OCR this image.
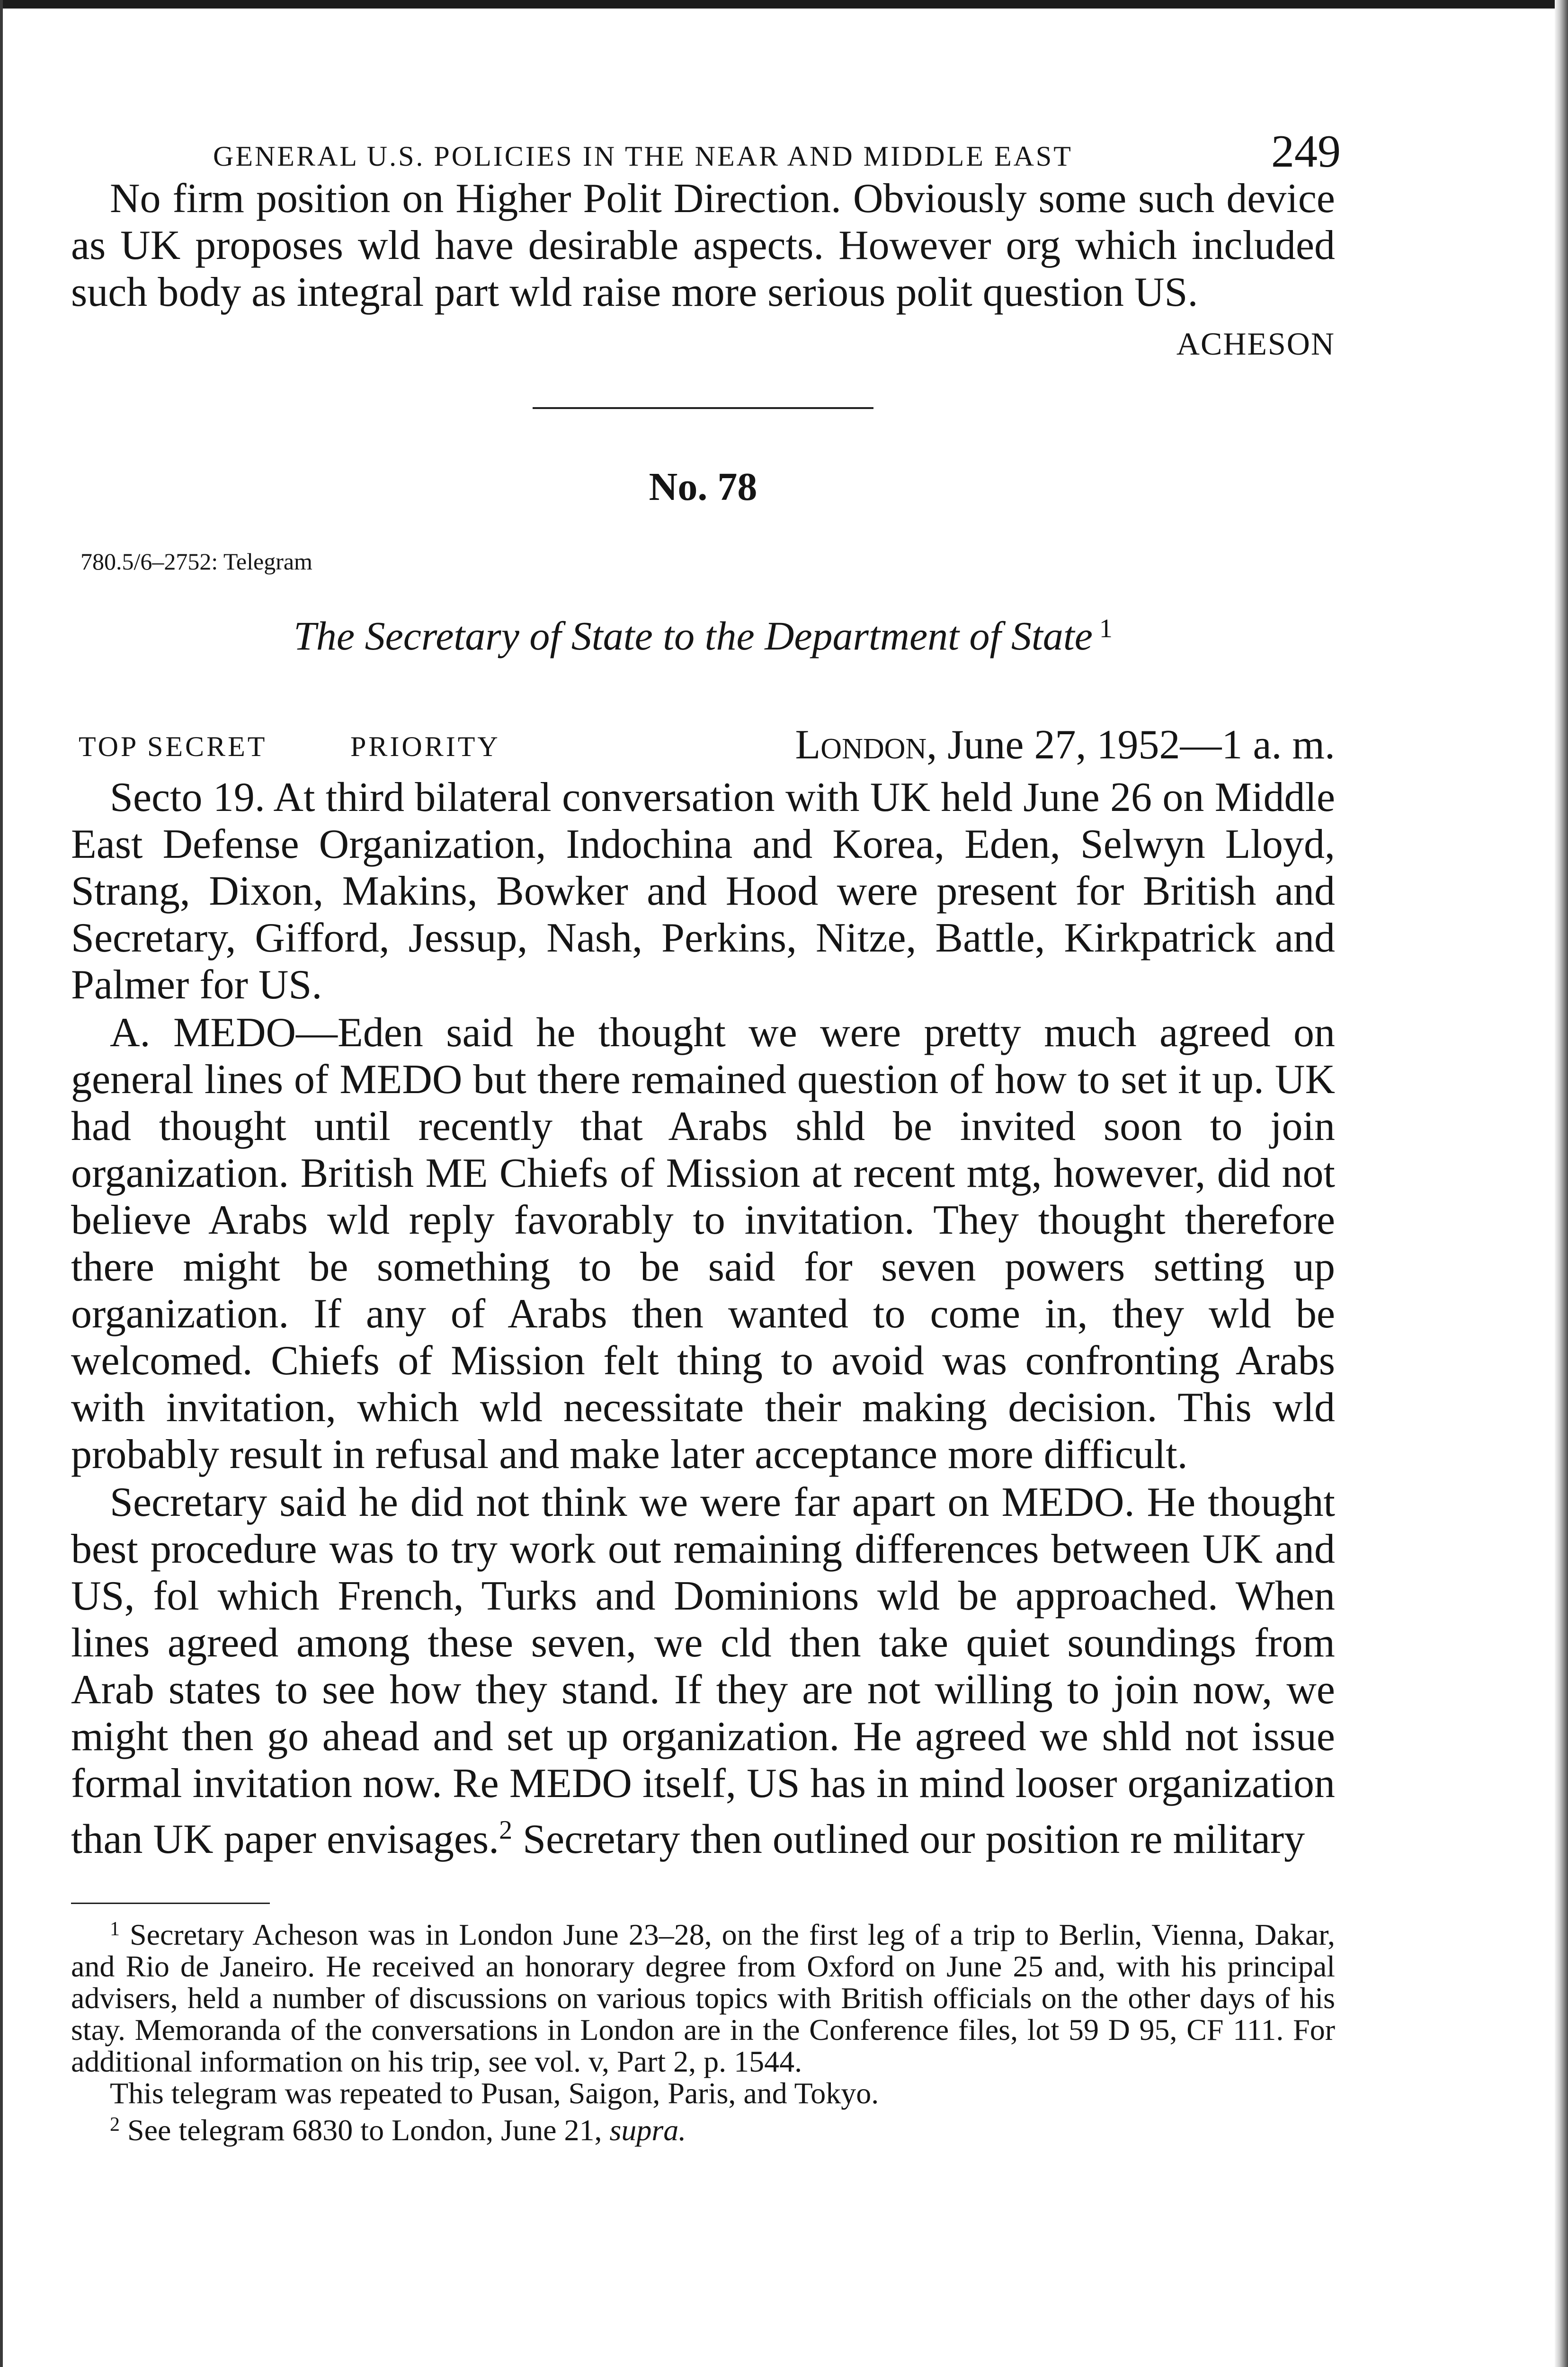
GENERAL U.S. POLICIES IN THE NEAR AND MIDDLE EAST	249

No firm position on Higher Polit Direction. Obviously some such device as UK proposes wld have desirable aspects. However org which included such body as integral part wld raise more serious polit question US.

ACHESON
No. 78
780.5/6–2752: Telegram
The Secretary of State to the Department of State $^1$
TOP SECRET	PRIORITY	London, June 27, 1952—1 a. m.

Secto 19. At third bilateral conversation with UK held June 26 on Middle East Defense Organization, Indochina and Korea, Eden, Selwyn Lloyd, Strang, Dixon, Makins, Bowker and Hood were present for British and Secretary, Gifford, Jessup, Nash, Perkins, Nitze, Battle, Kirkpatrick and Palmer for US.

A. MEDO—Eden said he thought we were pretty much agreed on general lines of MEDO but there remained question of how to set it up. UK had thought until recently that Arabs shld be invited soon to join organization. British ME Chiefs of Mission at recent mtg, however, did not believe Arabs wld reply favorably to invitation. They thought therefore there might be something to be said for seven powers setting up organization. If any of Arabs then wanted to come in, they wld be welcomed. Chiefs of Mission felt thing to avoid was confronting Arabs with invitation, which wld necessitate their making decision. This wld probably result in refusal and make later acceptance more difficult.

Secretary said he did not think we were far apart on MEDO. He thought best procedure was to try work out remaining differences between UK and US, fol which French, Turks and Dominions wld be approached. When lines agreed among these seven, we cld then take quiet soundings from Arab states to see how they stand. If they are not willing to join now, we might then go ahead and set up organization. He agreed we shld not issue formal invitation now. Re MEDO itself, US has in mind looser organization than UK paper envisages.$^2$ Secretary then outlined our position re military

$^1$ Secretary Acheson was in London June 23–28, on the first leg of a trip to Berlin, Vienna, Dakar, and Rio de Janeiro. He received an honorary degree from Oxford on June 25 and, with his principal advisers, held a number of discussions on various topics with British officials on the other days of his stay. Memoranda of the conversations in London are in the Conference files, lot 59 D 95, CF 111. For additional information on his trip, see vol. v, Part 2, p. 1544.

This telegram was repeated to Pusan, Saigon, Paris, and Tokyo.

$^2$ See telegram 6830 to London, June 21, supra.
